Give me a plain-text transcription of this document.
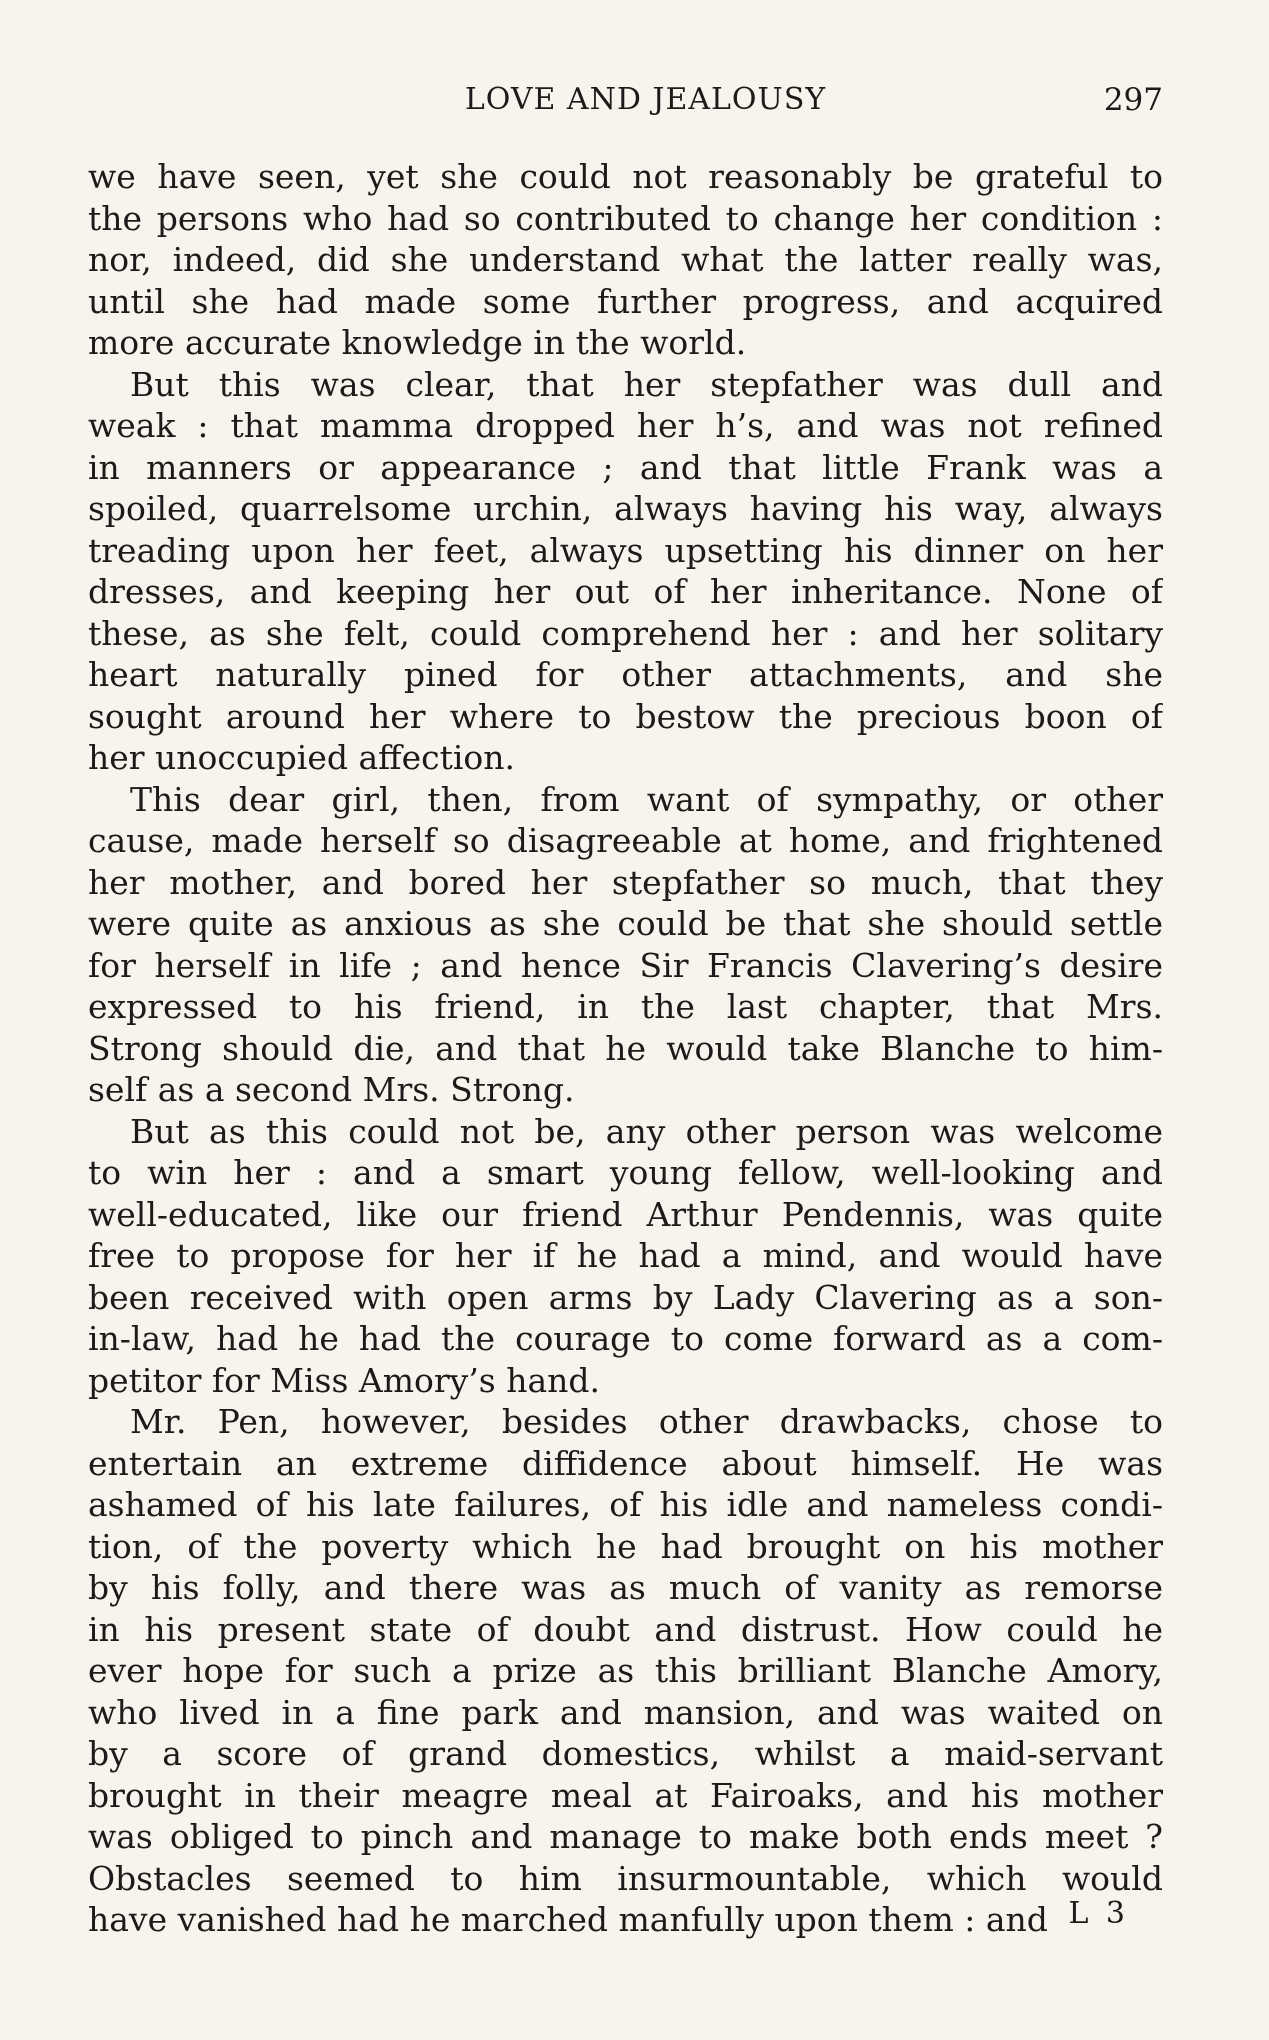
LOVE AND JEALOUSY	297
we have seen, yet she could not reasonably be grateful to
the persons who had so contributed to change her condition :
nor, indeed, did she understand what the latter really was,
until she had made some further progress, and acquired
more accurate knowledge in the world.
But this was clear, that her stepfather was dull and
weak : that mamma dropped her h’s, and was not refined
in manners or appearance ; and that little Frank was a
spoiled, quarrelsome urchin, always having his way, always
treading upon her feet, always upsetting his dinner on her
dresses, and keeping her out of her inheritance. None of
these, as she felt, could comprehend her : and her solitary
heart naturally pined for other attachments, and she
sought around her where to bestow the precious boon of
her unoccupied affection.
This dear girl, then, from want of sympathy, or other
cause, made herself so disagreeable at home, and frightened
her mother, and bored her stepfather so much, that they
were quite as anxious as she could be that she should settle
for herself in life ; and hence Sir Francis Clavering’s desire
expressed to his friend, in the last chapter, that Mrs.
Strong should die, and that he would take Blanche to him-
self as a second Mrs. Strong.
But as this could not be, any other person was welcome
to win her : and a smart young fellow, well-looking and
well-educated, like our friend Arthur Pendennis, was quite
free to propose for her if he had a mind, and would have
been received with open arms by Lady Clavering as a son-
in-law, had he had the courage to come forward as a com-
petitor for Miss Amory’s hand.
Mr. Pen, however, besides other drawbacks, chose to
entertain an extreme diffidence about himself. He was
ashamed of his late failures, of his idle and nameless condi-
tion, of the poverty which he had brought on his mother
by his folly, and there was as much of vanity as remorse
in his present state of doubt and distrust. How could he
ever hope for such a prize as this brilliant Blanche Amory,
who lived in a fine park and mansion, and was waited on
by a score of grand domestics, whilst a maid-servant
brought in their meagre meal at Fairoaks, and his mother
was obliged to pinch and manage to make both ends meet ?
Obstacles seemed to him insurmountable, which would
have vanished had he marched manfully upon them : and L 3
